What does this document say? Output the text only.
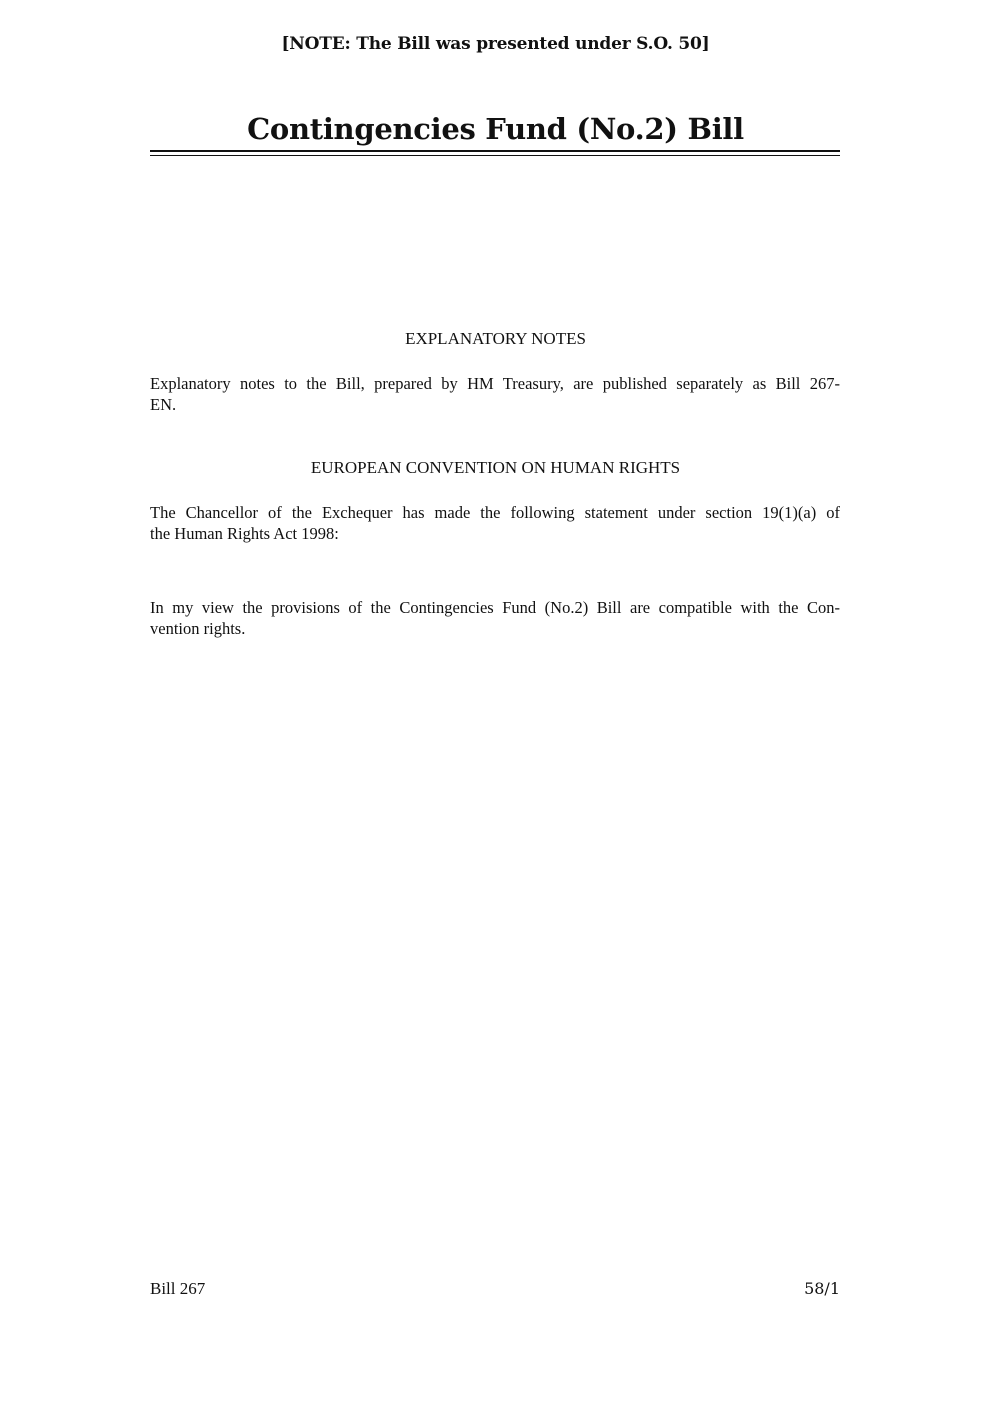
[NOTE: The Bill was presented under S.O. 50]
Contingencies Fund (No.2) Bill
EXPLANATORY NOTES
Explanatory notes to the Bill, prepared by HM Treasury, are published separately as Bill 267-
EN.
EUROPEAN CONVENTION ON HUMAN RIGHTS
The Chancellor of the Exchequer has made the following statement under section 19(1)(a) of
the Human Rights Act 1998:
In my view the provisions of the Contingencies Fund (No.2) Bill are compatible with the Con-
vention rights.
Bill 267	58/1
